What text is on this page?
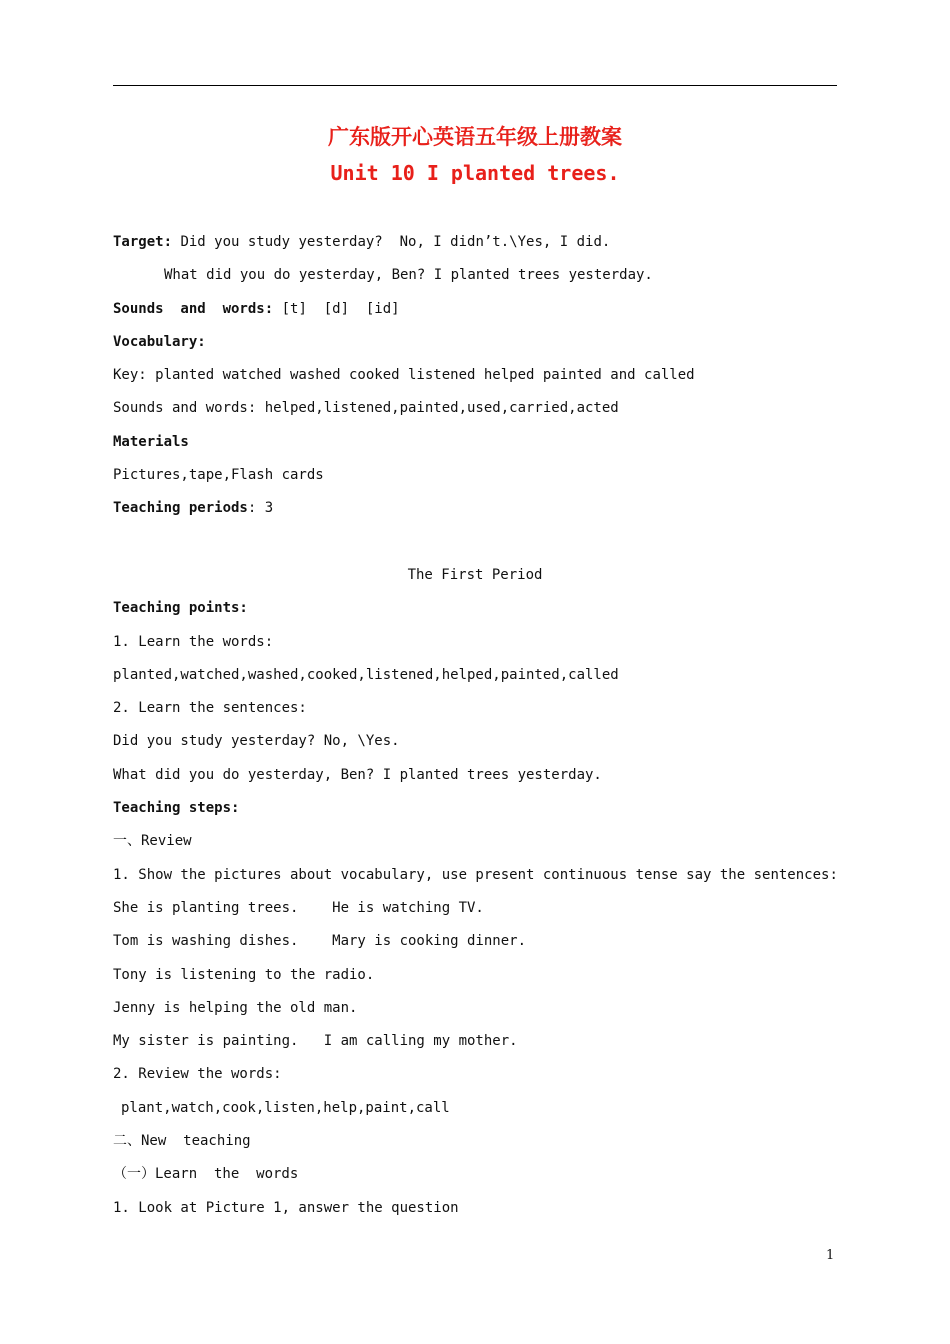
广东版开心英语五年级上册教案
Unit 10 I planted trees.
Target: Did you study yesterday?  No, I didn’t.\Yes, I did.
What did you do yesterday, Ben? I planted trees yesterday.
Sounds  and  words: [t]  [d]  [id]
Vocabulary:
Key: planted watched washed cooked listened helped painted and called
Sounds and words: helped,listened,painted,used,carried,acted
Materials
Pictures,tape,Flash cards
Teaching periods: 3
The First Period
Teaching points:
1. Learn the words:
planted,watched,washed,cooked,listened,helped,painted,called
2. Learn the sentences:
Did you study yesterday? No, \Yes.
What did you do yesterday, Ben? I planted trees yesterday.
Teaching steps:
一、Review
1. Show the pictures about vocabulary, use present continuous tense say the sentences:
She is planting trees.    He is watching TV.
Tom is washing dishes.    Mary is cooking dinner.
Tony is listening to the radio.
Jenny is helping the old man.
My sister is painting.   I am calling my mother.
2. Review the words:
plant,watch,cook,listen,help,paint,call
二、New  teaching
（一）Learn  the  words
1. Look at Picture 1, answer the question
1
